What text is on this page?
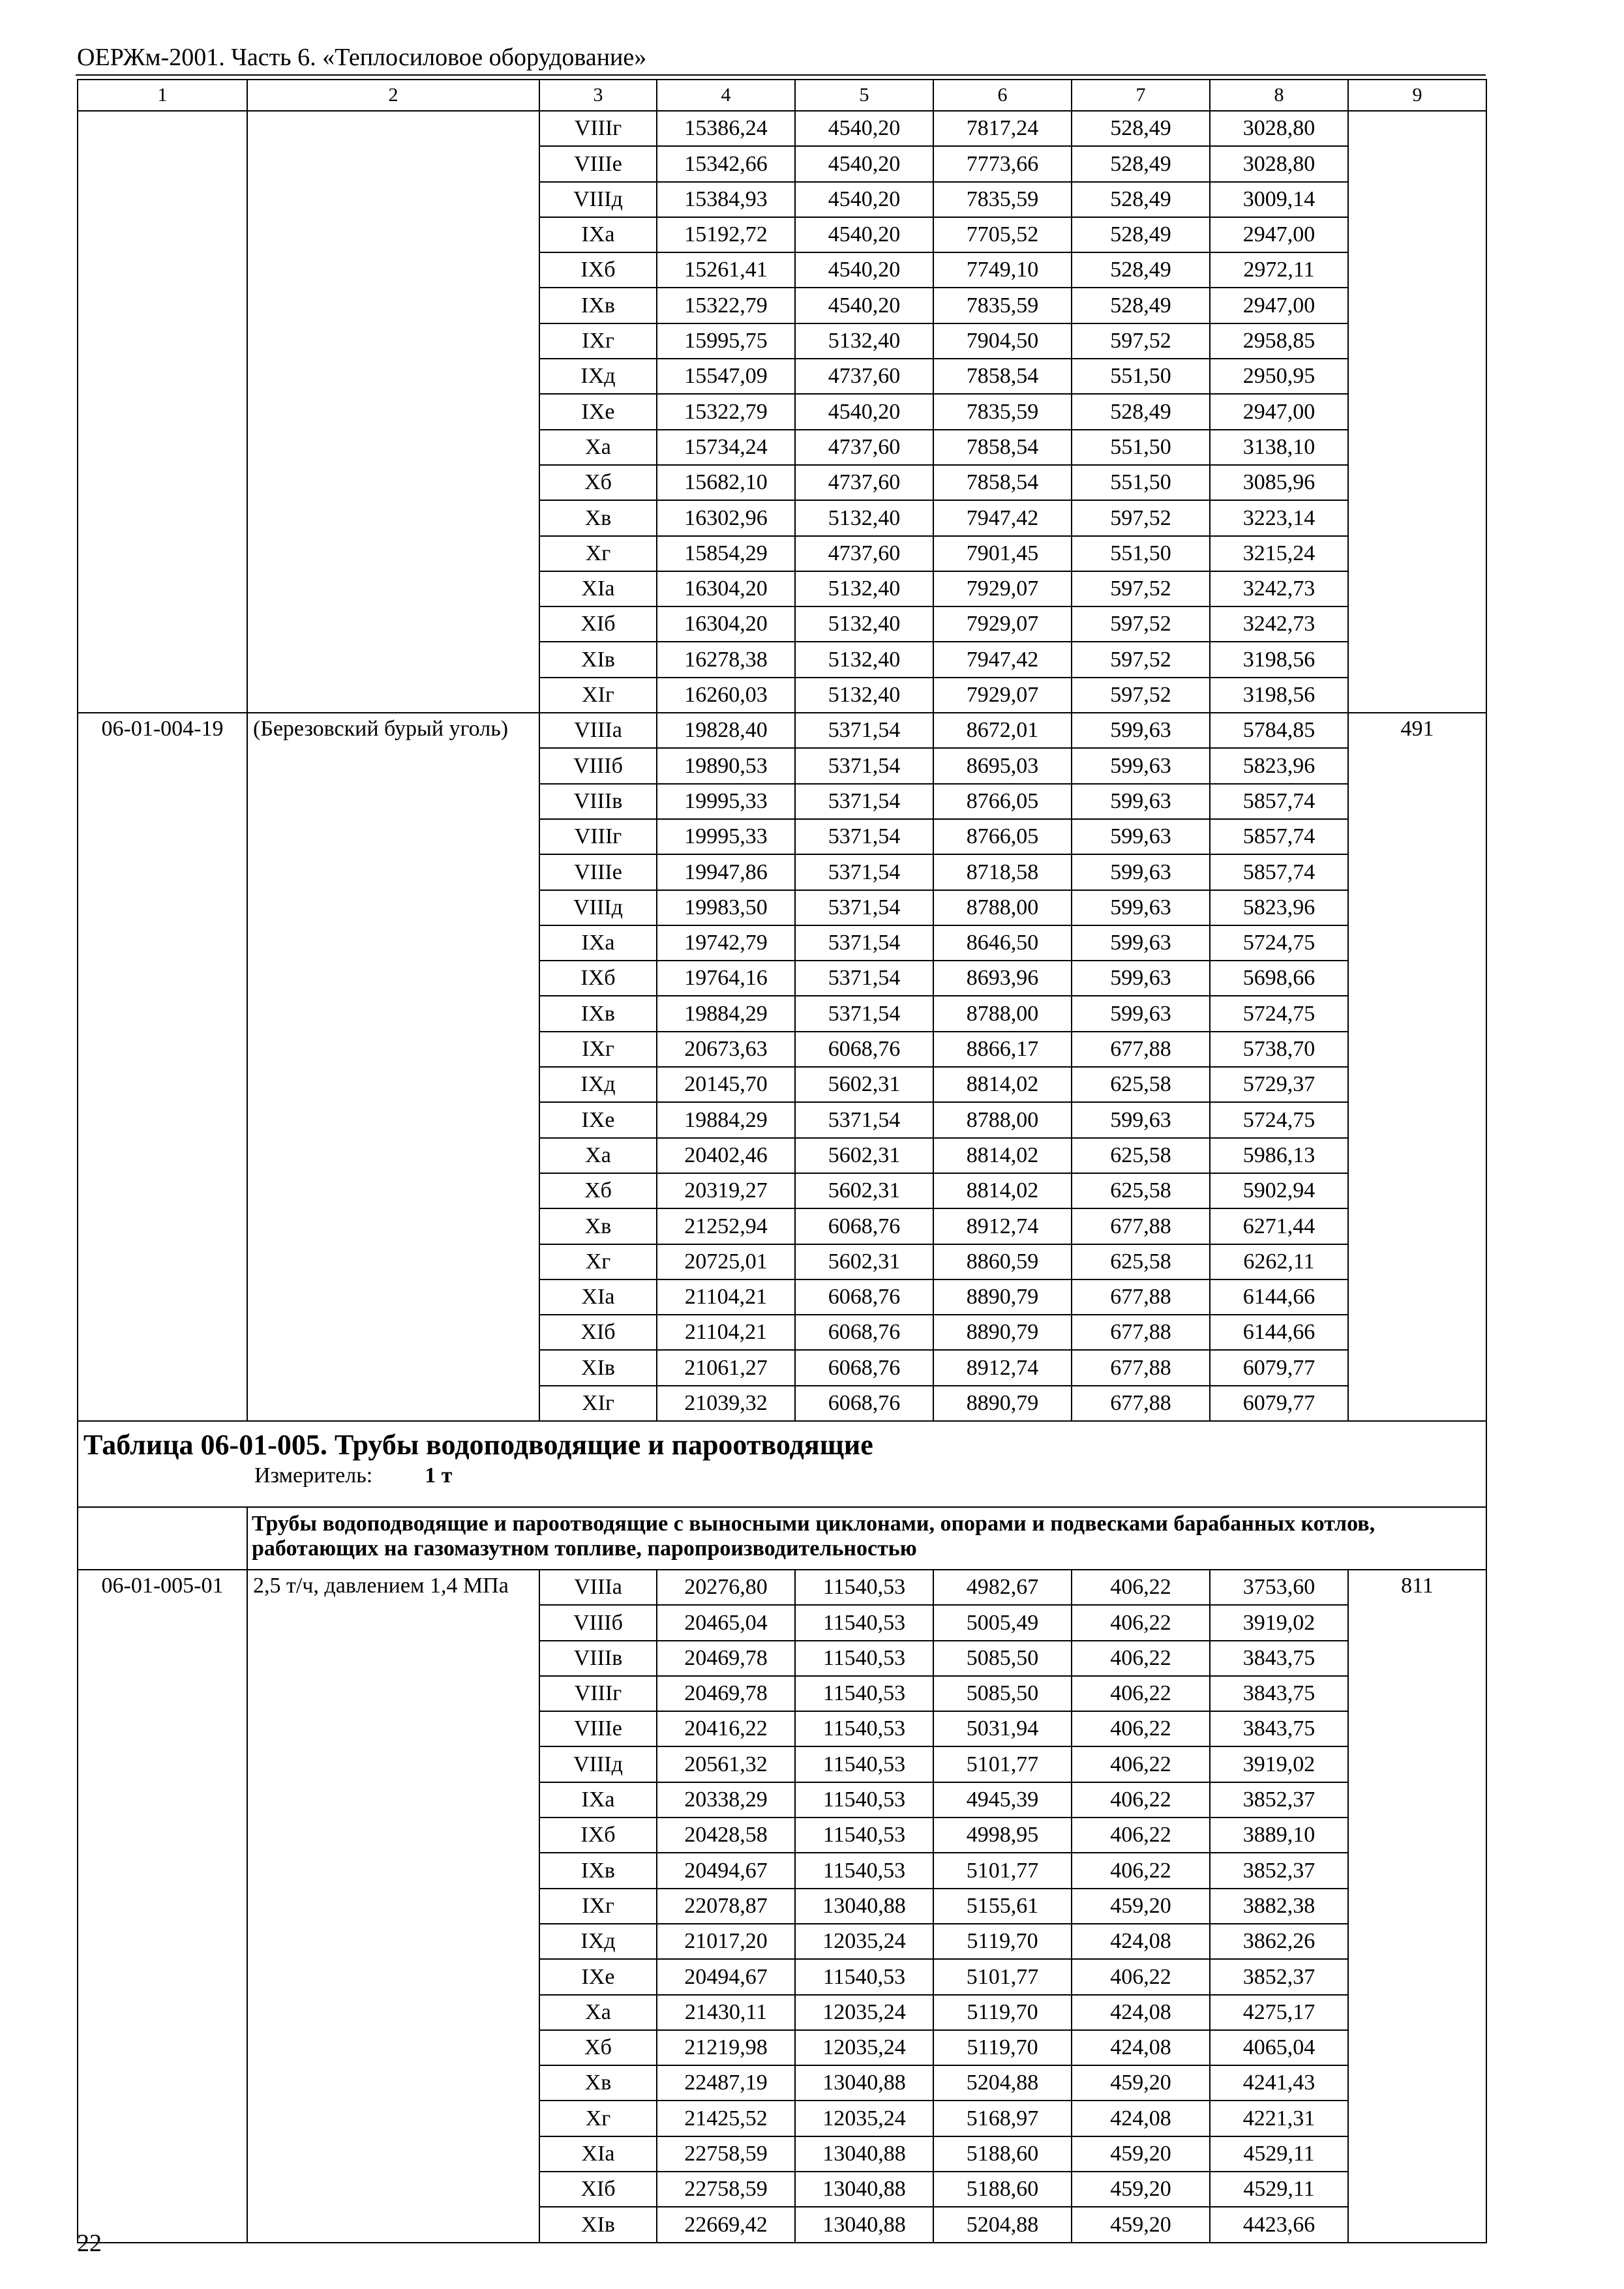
ОЕРЖм-2001. Часть 6. «Теплосиловое оборудование»
1	2	3	4	5	6	7	8	9
		VIIIг	15386,24	4540,20	7817,24	528,49	3028,80	
		VIIIе	15342,66	4540,20	7773,66	528,49	3028,80	
		VIIIд	15384,93	4540,20	7835,59	528,49	3009,14	
		IXа	15192,72	4540,20	7705,52	528,49	2947,00	
		IXб	15261,41	4540,20	7749,10	528,49	2972,11	
		IXв	15322,79	4540,20	7835,59	528,49	2947,00	
		IXг	15995,75	5132,40	7904,50	597,52	2958,85	
		IXд	15547,09	4737,60	7858,54	551,50	2950,95	
		IXе	15322,79	4540,20	7835,59	528,49	2947,00	
		Xа	15734,24	4737,60	7858,54	551,50	3138,10	
		Xб	15682,10	4737,60	7858,54	551,50	3085,96	
		Xв	16302,96	5132,40	7947,42	597,52	3223,14	
		Xг	15854,29	4737,60	7901,45	551,50	3215,24	
		XIа	16304,20	5132,40	7929,07	597,52	3242,73	
		XIб	16304,20	5132,40	7929,07	597,52	3242,73	
		XIв	16278,38	5132,40	7947,42	597,52	3198,56	
		XIг	16260,03	5132,40	7929,07	597,52	3198,56	
06-01-004-19	(Березовский бурый уголь)	VIIIа	19828,40	5371,54	8672,01	599,63	5784,85	491
		VIIIб	19890,53	5371,54	8695,03	599,63	5823,96	
		VIIIв	19995,33	5371,54	8766,05	599,63	5857,74	
		VIIIг	19995,33	5371,54	8766,05	599,63	5857,74	
		VIIIе	19947,86	5371,54	8718,58	599,63	5857,74	
		VIIIд	19983,50	5371,54	8788,00	599,63	5823,96	
		IXа	19742,79	5371,54	8646,50	599,63	5724,75	
		IXб	19764,16	5371,54	8693,96	599,63	5698,66	
		IXв	19884,29	5371,54	8788,00	599,63	5724,75	
		IXг	20673,63	6068,76	8866,17	677,88	5738,70	
		IXд	20145,70	5602,31	8814,02	625,58	5729,37	
		IXе	19884,29	5371,54	8788,00	599,63	5724,75	
		Xа	20402,46	5602,31	8814,02	625,58	5986,13	
		Xб	20319,27	5602,31	8814,02	625,58	5902,94	
		Xв	21252,94	6068,76	8912,74	677,88	6271,44	
		Xг	20725,01	5602,31	8860,59	625,58	6262,11	
		XIа	21104,21	6068,76	8890,79	677,88	6144,66	
		XIб	21104,21	6068,76	8890,79	677,88	6144,66	
		XIв	21061,27	6068,76	8912,74	677,88	6079,77	
		XIг	21039,32	6068,76	8890,79	677,88	6079,77	

Таблица 06-01-005. Трубы водоподводящие и пароотводящие
Измеритель: 1 т								

	Трубы водоподводящие и пароотводящие с выносными циклонами, опорами и подвесками барабанных котлов, работающих на газомазутном топливе, паропроизводительностью							
06-01-005-01	2,5 т/ч, давлением 1,4 МПа	VIIIа	20276,80	11540,53	4982,67	406,22	3753,60	811
		VIIIб	20465,04	11540,53	5005,49	406,22	3919,02	
		VIIIв	20469,78	11540,53	5085,50	406,22	3843,75	
		VIIIг	20469,78	11540,53	5085,50	406,22	3843,75	
		VIIIе	20416,22	11540,53	5031,94	406,22	3843,75	
		VIIIд	20561,32	11540,53	5101,77	406,22	3919,02	
		IXа	20338,29	11540,53	4945,39	406,22	3852,37	
		IXб	20428,58	11540,53	4998,95	406,22	3889,10	
		IXв	20494,67	11540,53	5101,77	406,22	3852,37	
		IXг	22078,87	13040,88	5155,61	459,20	3882,38	
		IXд	21017,20	12035,24	5119,70	424,08	3862,26	
		IXе	20494,67	11540,53	5101,77	406,22	3852,37	
		Xа	21430,11	12035,24	5119,70	424,08	4275,17	
		Xб	21219,98	12035,24	5119,70	424,08	4065,04	
		Xв	22487,19	13040,88	5204,88	459,20	4241,43	
		Xг	21425,52	12035,24	5168,97	424,08	4221,31	
		XIа	22758,59	13040,88	5188,60	459,20	4529,11	
		XIб	22758,59	13040,88	5188,60	459,20	4529,11	
		XIв	22669,42	13040,88	5204,88	459,20	4423,66	
22
